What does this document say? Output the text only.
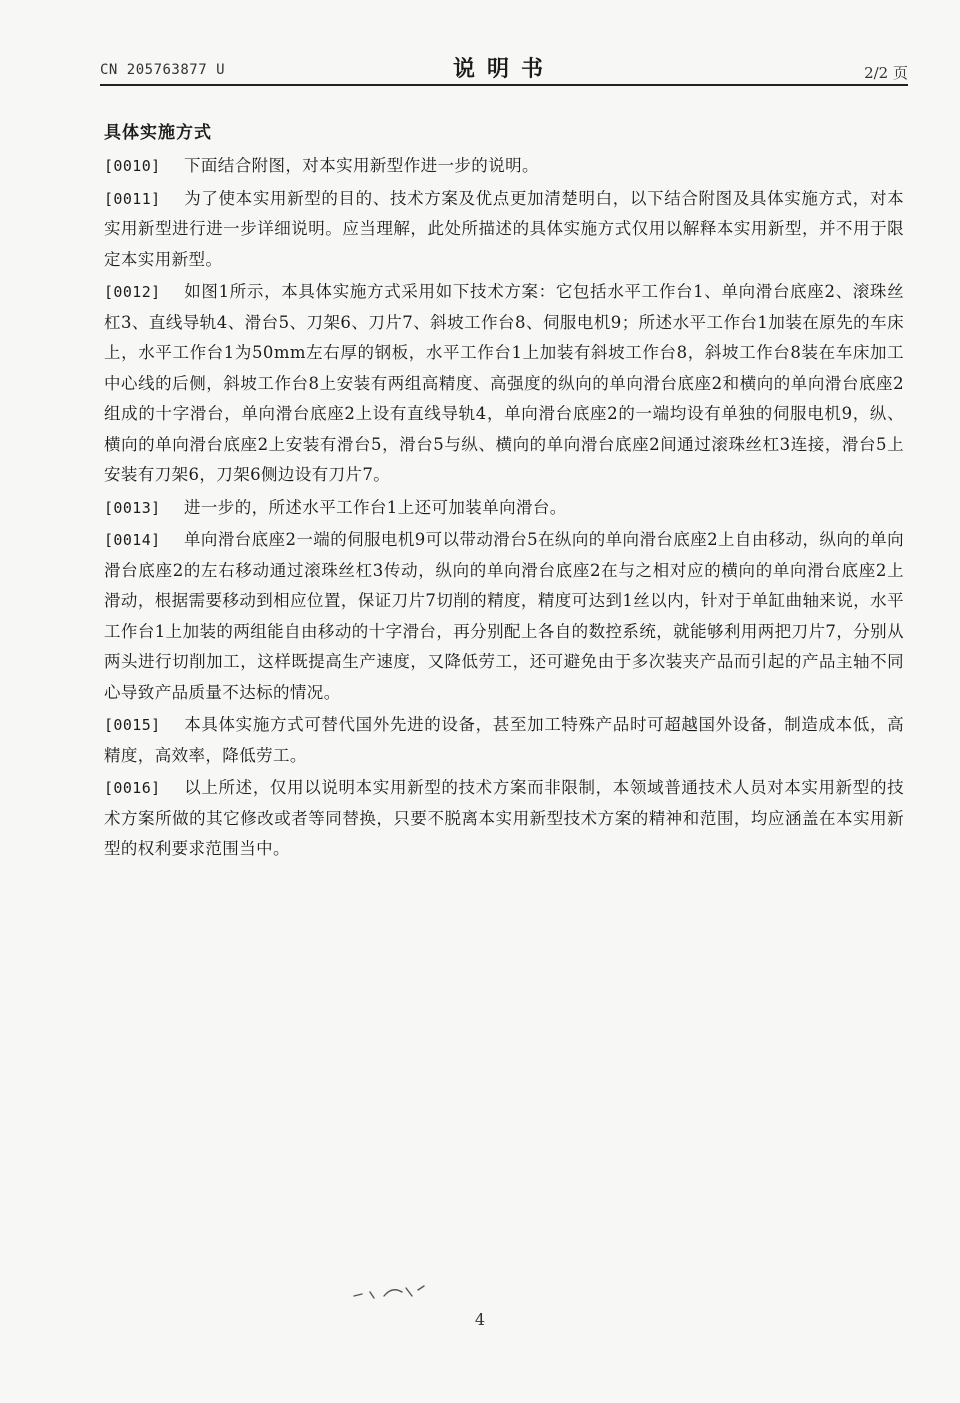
CN 205763877 U	说明书	2/2 页
具体实施方式

[0010] 下面结合附图，对本实用新型作进一步的说明。

[0011] 为了使本实用新型的目的、技术方案及优点更加清楚明白，以下结合附图及具体实施方式，对本实用新型进行进一步详细说明。应当理解，此处所描述的具体实施方式仅用以解释本实用新型，并不用于限定本实用新型。

[0012] 如图1所示，本具体实施方式采用如下技术方案：它包括水平工作台1、单向滑台底座2、滚珠丝杠3、直线导轨4、滑台5、刀架6、刀片7、斜坡工作台8、伺服电机9；所述水平工作台1加装在原先的车床上，水平工作台1为50mm左右厚的钢板，水平工作台1上加装有斜坡工作台8，斜坡工作台8装在车床加工中心线的后侧，斜坡工作台8上安装有两组高精度、高强度的纵向的单向滑台底座2和横向的单向滑台底座2组成的十字滑台，单向滑台底座2上设有直线导轨4，单向滑台底座2的一端均设有单独的伺服电机9，纵、横向的单向滑台底座2上安装有滑台5，滑台5与纵、横向的单向滑台底座2间通过滚珠丝杠3连接，滑台5上安装有刀架6，刀架6侧边设有刀片7。

[0013] 进一步的，所述水平工作台1上还可加装单向滑台。

[0014] 单向滑台底座2一端的伺服电机9可以带动滑台5在纵向的单向滑台底座2上自由移动，纵向的单向滑台底座2的左右移动通过滚珠丝杠3传动，纵向的单向滑台底座2在与之相对应的横向的单向滑台底座2上滑动，根据需要移动到相应位置，保证刀片7切削的精度，精度可达到1丝以内，针对于单缸曲轴来说，水平工作台1上加装的两组能自由移动的十字滑台，再分别配上各自的数控系统，就能够利用两把刀片7，分别从两头进行切削加工，这样既提高生产速度，又降低劳工，还可避免由于多次装夹产品而引起的产品主轴不同心导致产品质量不达标的情况。

[0015] 本具体实施方式可替代国外先进的设备，甚至加工特殊产品时可超越国外设备，制造成本低，高精度，高效率，降低劳工。

[0016] 以上所述，仅用以说明本实用新型的技术方案而非限制，本领域普通技术人员对本实用新型的技术方案所做的其它修改或者等同替换，只要不脱离本实用新型技术方案的精神和范围，均应涵盖在本实用新型的权利要求范围当中。

4
